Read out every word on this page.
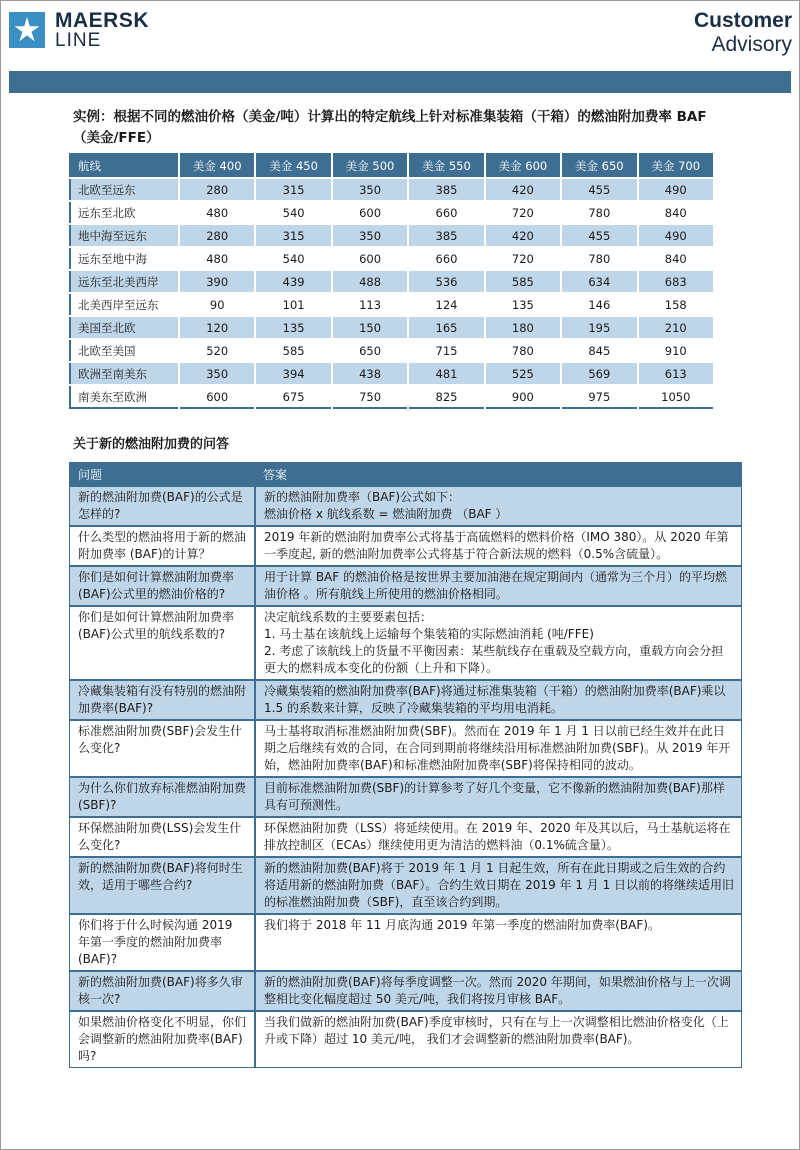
MAERSK
LINE
Customer
Advisory
实例：根据不同的燃油价格（美金/吨）计算出的特定航线上针对标准集装箱（干箱）的燃油附加费率 BAF（美金/FFE）
航线	美金 400	美金 450	美金 500	美金 550	美金 600	美金 650	美金 700
北欧至远东	280	315	350	385	420	455	490
远东至北欧	480	540	600	660	720	780	840
地中海至远东	280	315	350	385	420	455	490
远东至地中海	480	540	600	660	720	780	840
远东至北美西岸	390	439	488	536	585	634	683
北美西岸至远东	90	101	113	124	135	146	158
美国至北欧	120	135	150	165	180	195	210
北欧至美国	520	585	650	715	780	845	910
欧洲至南美东	350	394	438	481	525	569	613
南美东至欧洲	600	675	750	825	900	975	1050
关于新的燃油附加费的问答
问题	答案
新的燃油附加费(BAF)的公式是怎样的?	新的燃油附加费率（BAF)公式如下：
燃油价格 x 航线系数 = 燃油附加费 （BAF ）

什么类型的燃油将用于新的燃油附加费率 (BAF)的计算？	2019 年新的燃油附加费率公式将基于高硫燃料的燃料价格（IMO 380）。从 2020 年第一季度起, 新的燃油附加费率公式将基于符合新法规的燃料（0.5%含硫量）。

你们是如何计算燃油附加费率(BAF)公式里的燃油价格的?	用于计算 BAF 的燃油价格是按世界主要加油港在规定期间内（通常为三个月）的平均燃油价格 。所有航线上所使用的燃油价格相同。

你们是如何计算燃油附加费率(BAF)公式里的航线系数的?	决定航线系数的主要要素包括：
1. 马士基在该航线上运输每个集装箱的实际燃油消耗 (吨/FFE)
2. 考虑了该航线上的货量不平衡因素：某些航线存在重载及空载方向，重载方向会分担更大的燃料成本变化的份额（上升和下降）。

冷藏集装箱有没有特别的燃油附加费率(BAF)?	冷藏集装箱的燃油附加费率(BAF)将通过标准集装箱（干箱）的燃油附加费率(BAF)乘以 1.5 的系数来计算，反映了冷藏集装箱的平均用电消耗。

标准燃油附加费(SBF)会发生什么变化?	马士基将取消标准燃油附加费(SBF)。然而在 2019 年 1 月 1 日以前已经生效并在此日期之后继续有效的合同，在合同到期前将继续沿用标准燃油附加费(SBF)。从 2019 年开始，燃油附加费率(BAF)和标准燃油附加费率(SBF)将保持相同的波动。

为什么你们放弃标准燃油附加费(SBF)?	目前标准燃油附加费(SBF)的计算参考了好几个变量，它不像新的燃油附加费(BAF)那样具有可预测性。

环保燃油附加费(LSS)会发生什么变化?	环保燃油附加费（LSS）将延续使用。在 2019 年、2020 年及其以后，马士基航运将在排放控制区（ECAs）继续使用更为清洁的燃料油（0.1%硫含量）。

新的燃油附加费(BAF)将何时生效，适用于哪些合约?	新的燃油附加费(BAF)将于 2019 年 1 月 1 日起生效，所有在此日期或之后生效的合约将适用新的燃油附加费（BAF）。合约生效日期在 2019 年 1 月 1 日以前的将继续适用旧的标准燃油附加费（SBF)，直至该合约到期。

你们将于什么时候沟通 2019 年第一季度的燃油附加费率(BAF)?	我们将于 2018 年 11 月底沟通 2019 年第一季度的燃油附加费率(BAF)。

新的燃油附加费(BAF)将多久审核一次?	新的燃油附加费(BAF)将每季度调整一次。然而 2020 年期间，如果燃油价格与上一次调整相比变化幅度超过 50 美元/吨，我们将按月审核 BAF。

如果燃油价格变化不明显，你们会调整新的燃油附加费率(BAF)吗?	当我们做新的燃油附加费(BAF)季度审核时，只有在与上一次调整相比燃油价格变化（上升或下降）超过 10 美元/吨， 我们才会调整新的燃油附加费率(BAF)。
